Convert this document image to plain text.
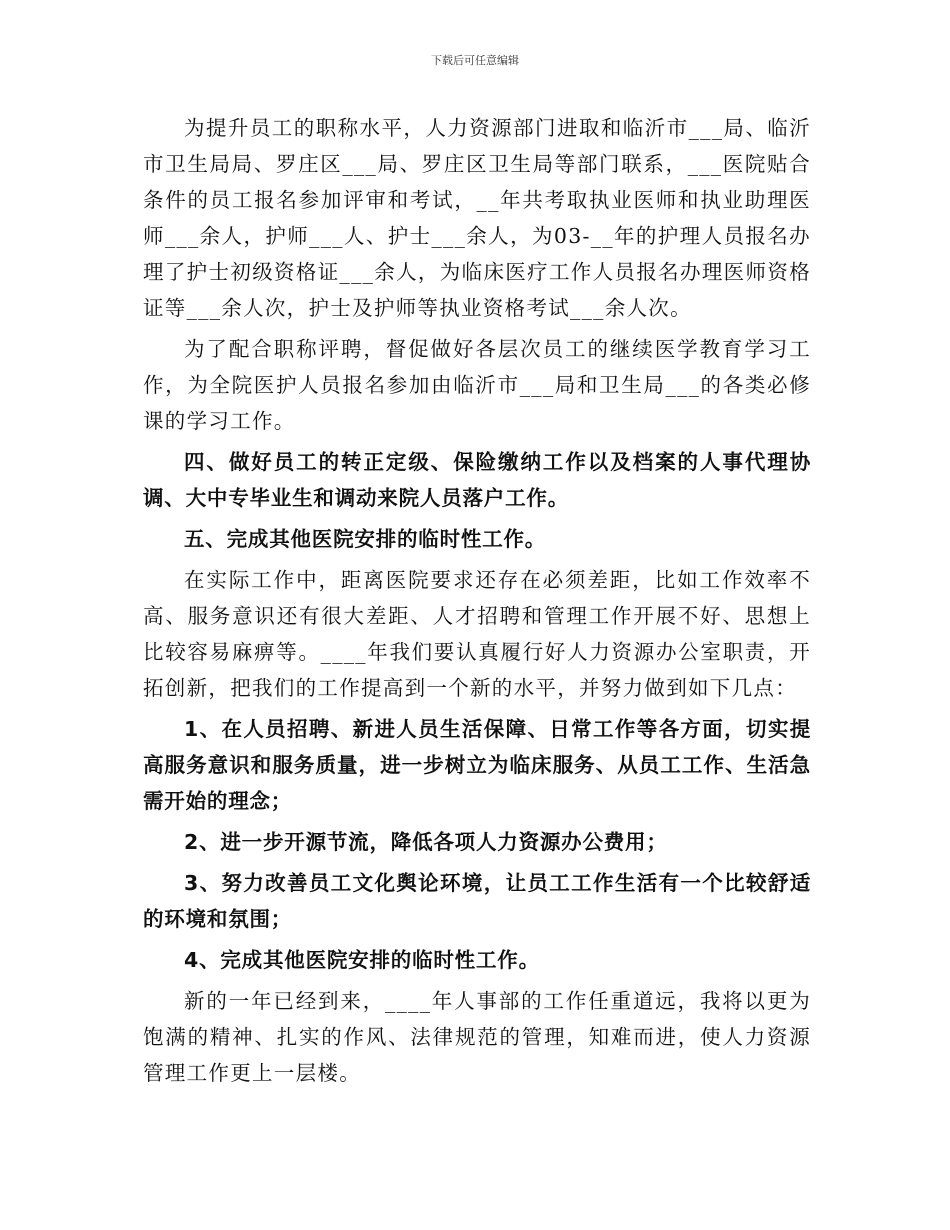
下载后可任意编辑

为提升员工的职称水平，人力资源部门进取和临沂市___局、临沂市卫生局局、罗庄区___局、罗庄区卫生局等部门联系，___医院贴合条件的员工报名参加评审和考试，__年共考取执业医师和执业助理医师___余人，护师___人、护士___余人，为03-__年的护理人员报名办理了护士初级资格证___余人，为临床医疗工作人员报名办理医师资格证等___余人次，护士及护师等执业资格考试___余人次。

为了配合职称评聘，督促做好各层次员工的继续医学教育学习工作，为全院医护人员报名参加由临沂市___局和卫生局___的各类必修课的学习工作。

四、做好员工的转正定级、保险缴纳工作以及档案的人事代理协调、大中专毕业生和调动来院人员落户工作。

五、完成其他医院安排的临时性工作。

在实际工作中，距离医院要求还存在必须差距，比如工作效率不高、服务意识还有很大差距、人才招聘和管理工作开展不好、思想上比较容易麻痹等。____年我们要认真履行好人力资源办公室职责，开拓创新，把我们的工作提高到一个新的水平，并努力做到如下几点：

1、在人员招聘、新进人员生活保障、日常工作等各方面，切实提高服务意识和服务质量，进一步树立为临床服务、从员工工作、生活急需开始的理念；

2、进一步开源节流，降低各项人力资源办公费用；

3、努力改善员工文化舆论环境，让员工工作生活有一个比较舒适的环境和氛围；

4、完成其他医院安排的临时性工作。

新的一年已经到来，____年人事部的工作任重道远，我将以更为饱满的精神、扎实的作风、法律规范的管理，知难而进，使人力资源管理工作更上一层楼。
